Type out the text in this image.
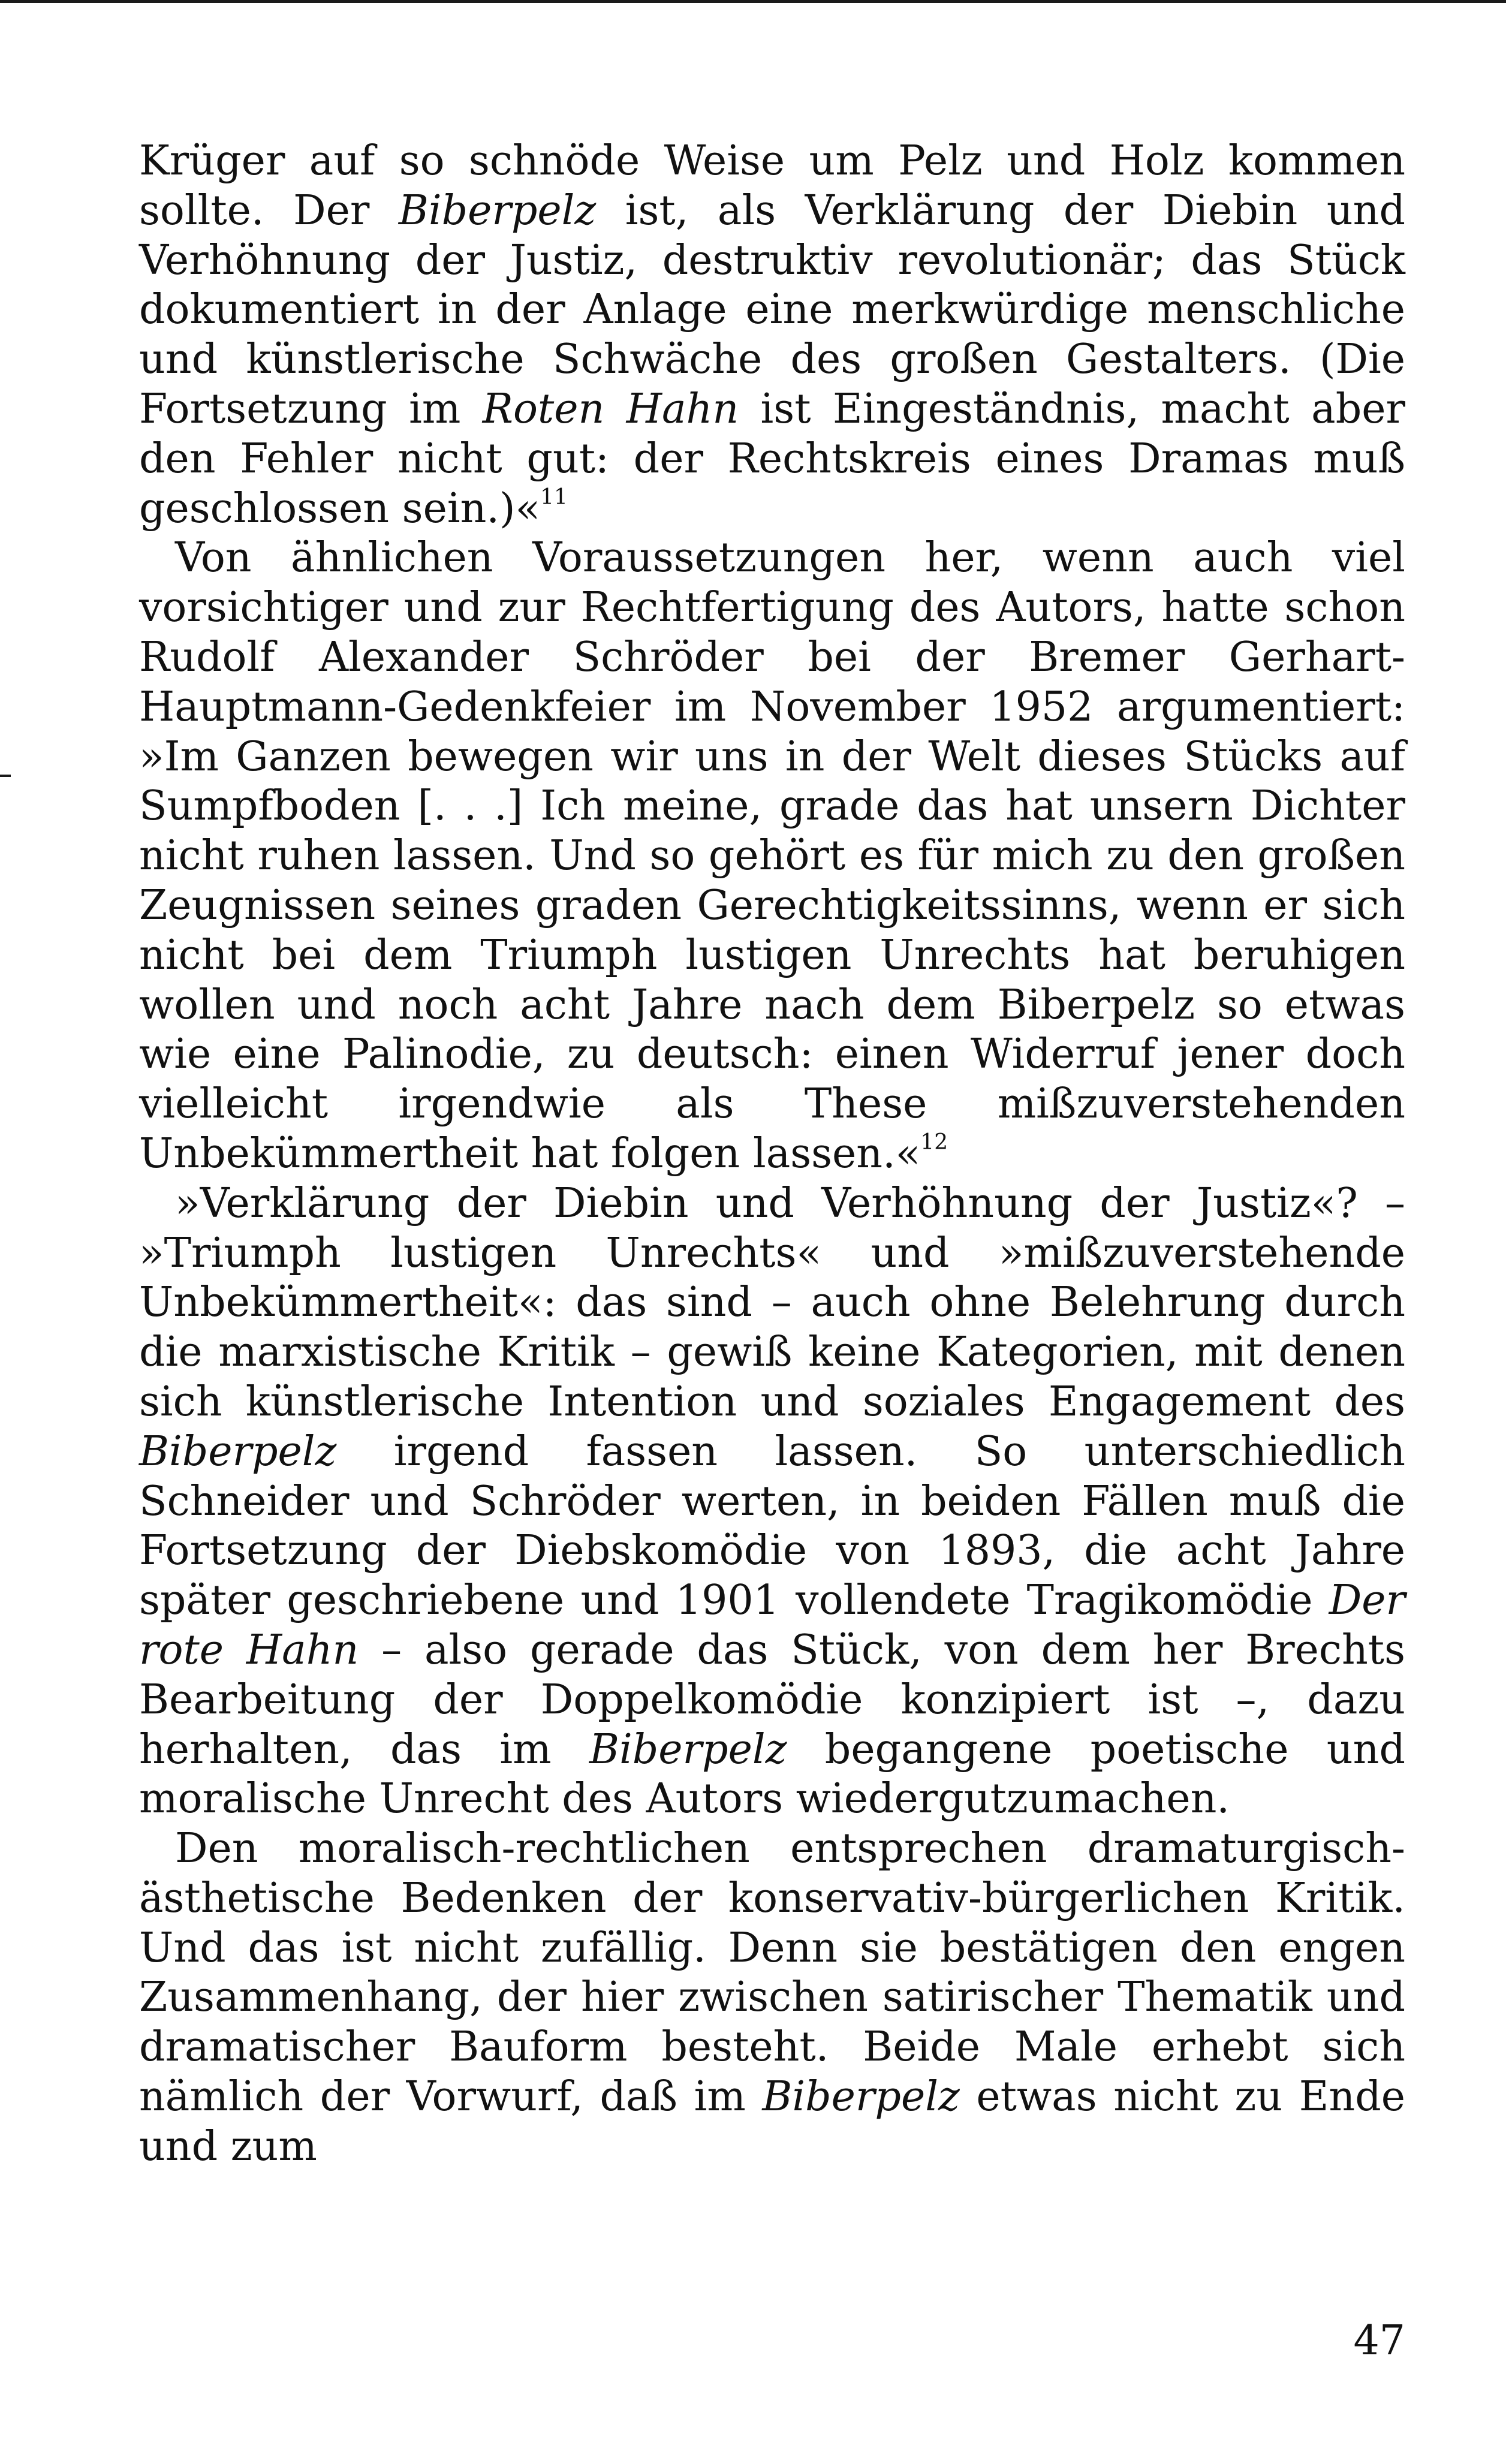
Krüger auf so schnöde Weise um Pelz und Holz kommen sollte. Der Biberpelz ist, als Verklärung der Diebin und Verhöhnung der Justiz, destruktiv revolutionär; das Stück dokumentiert in der Anlage eine merkwürdige menschliche und künstlerische Schwäche des großen Gestalters. (Die Fortsetzung im Roten Hahn ist Eingeständnis, macht aber den Fehler nicht gut: der Rechtskreis eines Dramas muß geschlossen sein.)«$^{11}$

Von ähnlichen Voraussetzungen her, wenn auch viel vorsichtiger und zur Rechtfertigung des Autors, hatte schon Rudolf Alexander Schröder bei der Bremer Gerhart-Hauptmann-Gedenkfeier im November 1952 argumentiert: »Im Ganzen bewegen wir uns in der Welt dieses Stücks auf Sumpfboden [. . .] Ich meine, grade das hat unsern Dichter nicht ruhen lassen. Und so gehört es für mich zu den großen Zeugnissen seines graden Gerechtigkeitssinns, wenn er sich nicht bei dem Triumph lustigen Unrechts hat beruhigen wollen und noch acht Jahre nach dem Biberpelz so etwas wie eine Palinodie, zu deutsch: einen Widerruf jener doch vielleicht irgendwie als These mißzuverstehenden Unbekümmertheit hat folgen lassen.«$^{12}$

»Verklärung der Diebin und Verhöhnung der Justiz«? – »Triumph lustigen Unrechts« und »mißzuverstehende Unbekümmertheit«: das sind – auch ohne Belehrung durch die marxistische Kritik – gewiß keine Kategorien, mit denen sich künstlerische Intention und soziales Engagement des Biberpelz irgend fassen lassen. So unterschiedlich Schneider und Schröder werten, in beiden Fällen muß die Fortsetzung der Diebskomödie von 1893, die acht Jahre später geschriebene und 1901 vollendete Tragikomödie Der rote Hahn – also gerade das Stück, von dem her Brechts Bearbeitung der Doppelkomödie konzipiert ist –, dazu herhalten, das im Biberpelz begangene poetische und moralische Unrecht des Autors wiedergutzumachen.

Den moralisch-rechtlichen entsprechen dramaturgisch-ästhetische Bedenken der konservativ-bürgerlichen Kritik. Und das ist nicht zufällig. Denn sie bestätigen den engen Zusammenhang, der hier zwischen satirischer Thematik und dramatischer Bauform besteht. Beide Male erhebt sich nämlich der Vorwurf, daß im Biberpelz etwas nicht zu Ende und zum

47
